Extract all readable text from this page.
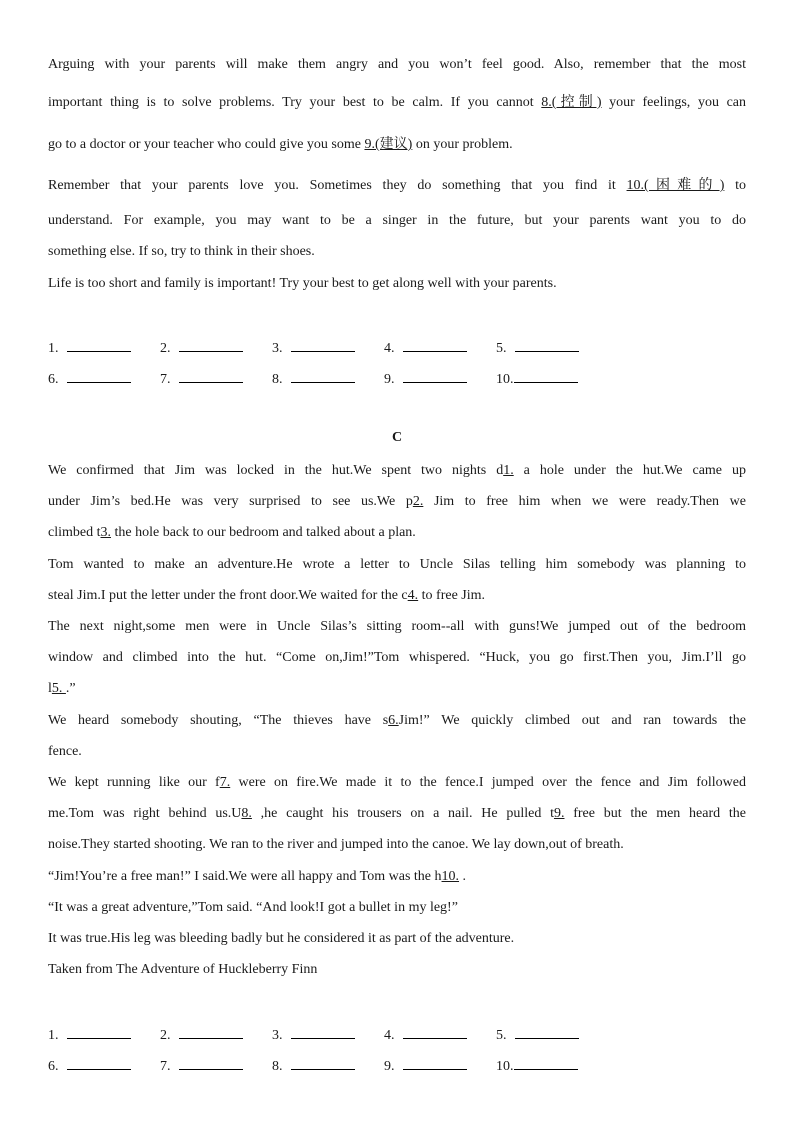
Arguing with your parents will make them angry and you won’t feel good. Also, remember that the most
important thing is to solve problems. Try your best to be calm. If you cannot 8.(控制) your feelings, you can
go to a doctor or your teacher who could give you some 9.(建议) on your problem.
Remember that your parents love you. Sometimes they do something that you find it 10.(困难的) to
understand. For example, you may want to be a singer in the future, but your parents want you to do
something else. If so, try to think in their shoes.
Life is too short and family is important! Try your best to get along well with your parents.
1.	2.	3.	4.	5.
6.	7.	8.	9.	10.
C
We confirmed that Jim was locked in the hut.We spent two nights d1. a hole under the hut.We came up
under Jim’s bed.He was very surprised to see us.We p2. Jim to free him when we were ready.Then we
climbed t3. the hole back to our bedroom and talked about a plan.
Tom wanted to make an adventure.He wrote a letter to Uncle Silas telling him somebody was planning to
steal Jim.I put the letter under the front door.We waited for the c4. to free Jim.
The next night,some men were in Uncle Silas’s sitting room--all with guns!We jumped out of the bedroom
window and climbed into the hut. “Come on,Jim!”Tom whispered. “Huck, you go first.Then you, Jim.I’ll go
l5. .”
We heard somebody shouting, “The thieves have s6.Jim!” We quickly climbed out and ran towards the
fence.
We kept running like our f7. were on fire.We made it to the fence.I jumped over the fence and Jim followed
me.Tom was right behind us.U8. ,he caught his trousers on a nail. He pulled t9. free but the men heard the
noise.They started shooting. We ran to the river and jumped into the canoe. We lay down,out of breath.
“Jim!You’re a free man!” I said.We were all happy and Tom was the h10. .
“It was a great adventure,”Tom said. “And look!I got a bullet in my leg!”
It was true.His leg was bleeding badly but he considered it as part of the adventure.
Taken from The Adventure of Huckleberry Finn
1.	2.	3.	4.	5.
6.	7.	8.	9.	10.
